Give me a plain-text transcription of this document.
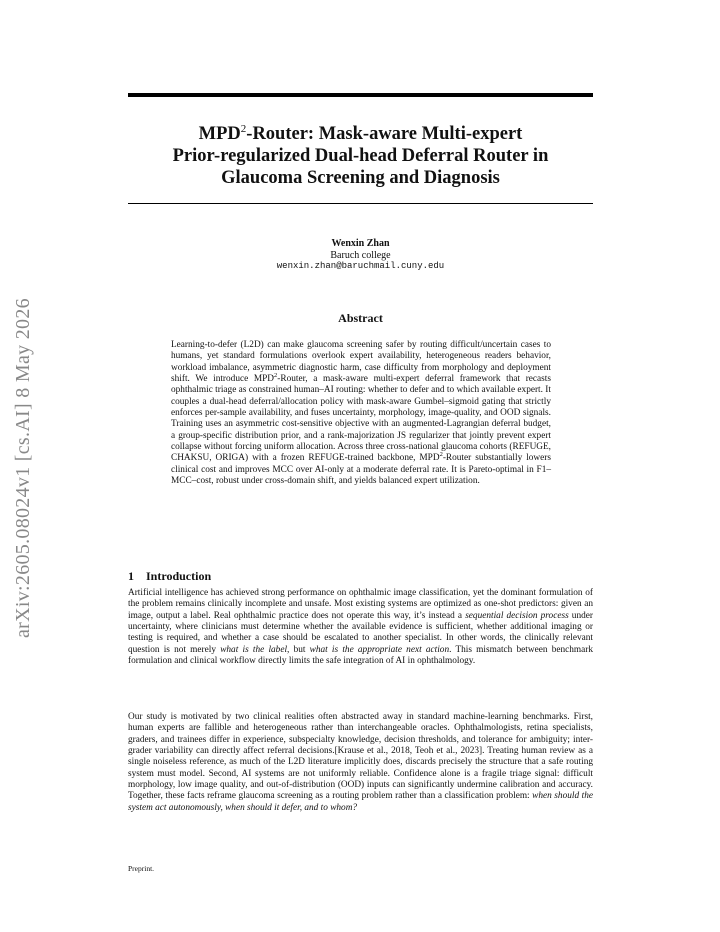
arXiv:2605.08024v1 [cs.AI] 8 May 2026
MPD$^2$-Router: Mask-aware Multi-expert
Prior-regularized Dual-head Deferral Router in
Glaucoma Screening and Diagnosis
Wenxin Zhan
Baruch college
wenxin.zhan@baruchmail.cuny.edu
Abstract

Learning-to-defer (L2D) can make glaucoma screening safer by routing difficult/uncertain cases to humans, yet standard formulations overlook expert availability, heterogeneous readers behavior, workload imbalance, asymmetric diagnostic harm, case difficulty from morphology and deployment shift. We introduce MPD$^2$-Router, a mask-aware multi-expert deferral framework that recasts ophthalmic triage as constrained human–AI routing: whether to defer and to which available expert. It couples a dual-head deferral/allocation policy with mask-aware Gumbel–sigmoid gating that strictly enforces per-sample availability, and fuses uncertainty, morphology, image-quality, and OOD signals. Training uses an asymmetric cost-sensitive objective with an augmented-Lagrangian deferral budget, a group-specific distribution prior, and a rank-majorization JS regularizer that jointly prevent expert collapse without forcing uniform allocation. Across three cross-national glaucoma cohorts (REFUGE, CHAKSU, ORIGA) with a frozen REFUGE-trained backbone, MPD$^2$-Router substantially lowers clinical cost and improves MCC over AI-only at a moderate deferral rate. It is Pareto-optimal in F1–MCC–cost, robust under cross-domain shift, and yields balanced expert utilization.

1 Introduction

Artificial intelligence has achieved strong performance on ophthalmic image classification, yet the dominant formulation of the problem remains clinically incomplete and unsafe. Most existing systems are optimized as one-shot predictors: given an image, output a label. Real ophthalmic practice does not operate this way, it’s instead a sequential decision process under uncertainty, where clinicians must determine whether the available evidence is sufficient, whether additional imaging or testing is required, and whether a case should be escalated to another specialist. In other words, the clinically relevant question is not merely what is the label, but what is the appropriate next action. This mismatch between benchmark formulation and clinical workflow directly limits the safe integration of AI in ophthalmology.

Our study is motivated by two clinical realities often abstracted away in standard machine-learning benchmarks. First, human experts are fallible and heterogeneous rather than interchangeable oracles. Ophthalmologists, retina specialists, graders, and trainees differ in experience, subspecialty knowledge, decision thresholds, and tolerance for ambiguity; inter-grader variability can directly affect referral decisions.[Krause et al., 2018, Teoh et al., 2023]. Treating human review as a single noiseless reference, as much of the L2D literature implicitly does, discards precisely the structure that a safe routing system must model. Second, AI systems are not uniformly reliable. Confidence alone is a fragile triage signal: difficult morphology, low image quality, and out-of-distribution (OOD) inputs can significantly undermine calibration and accuracy. Together, these facts reframe glaucoma screening as a routing problem rather than a classification problem: when should the system act autonomously, when should it defer, and to whom?

Preprint.
